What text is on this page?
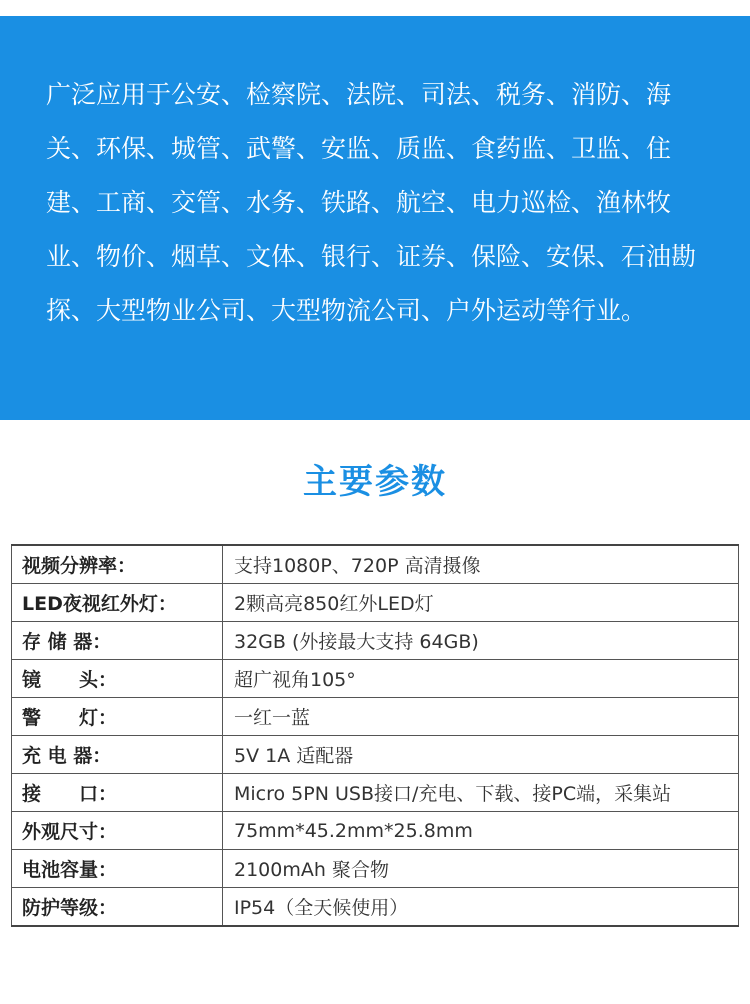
广泛应用于公安、检察院、法院、司法、税务、消防、海关、环保、城管、武警、安监、质监、食药监、卫监、住建、工商、交管、水务、铁路、航空、电力巡检、渔林牧业、物价、烟草、文体、银行、证券、保险、安保、石油勘探、大型物业公司、大型物流公司、户外运动等行业。

主要参数
视频分辨率：	支持1080P、720P 高清摄像
LED夜视红外灯：	2颗高亮850红外LED灯
存 储 器：	32GB (外接最大支持 64GB)
镜　　头：	超广视角105°
警　　灯：	一红一蓝
充 电 器：	5V 1A 适配器
接　　口：	Micro 5PN USB接口/充电、下载、接PC端，采集站
外观尺寸：	75mm*45.2mm*25.8mm
电池容量：	2100mAh 聚合物
防护等级：	IP54（全天候使用）
